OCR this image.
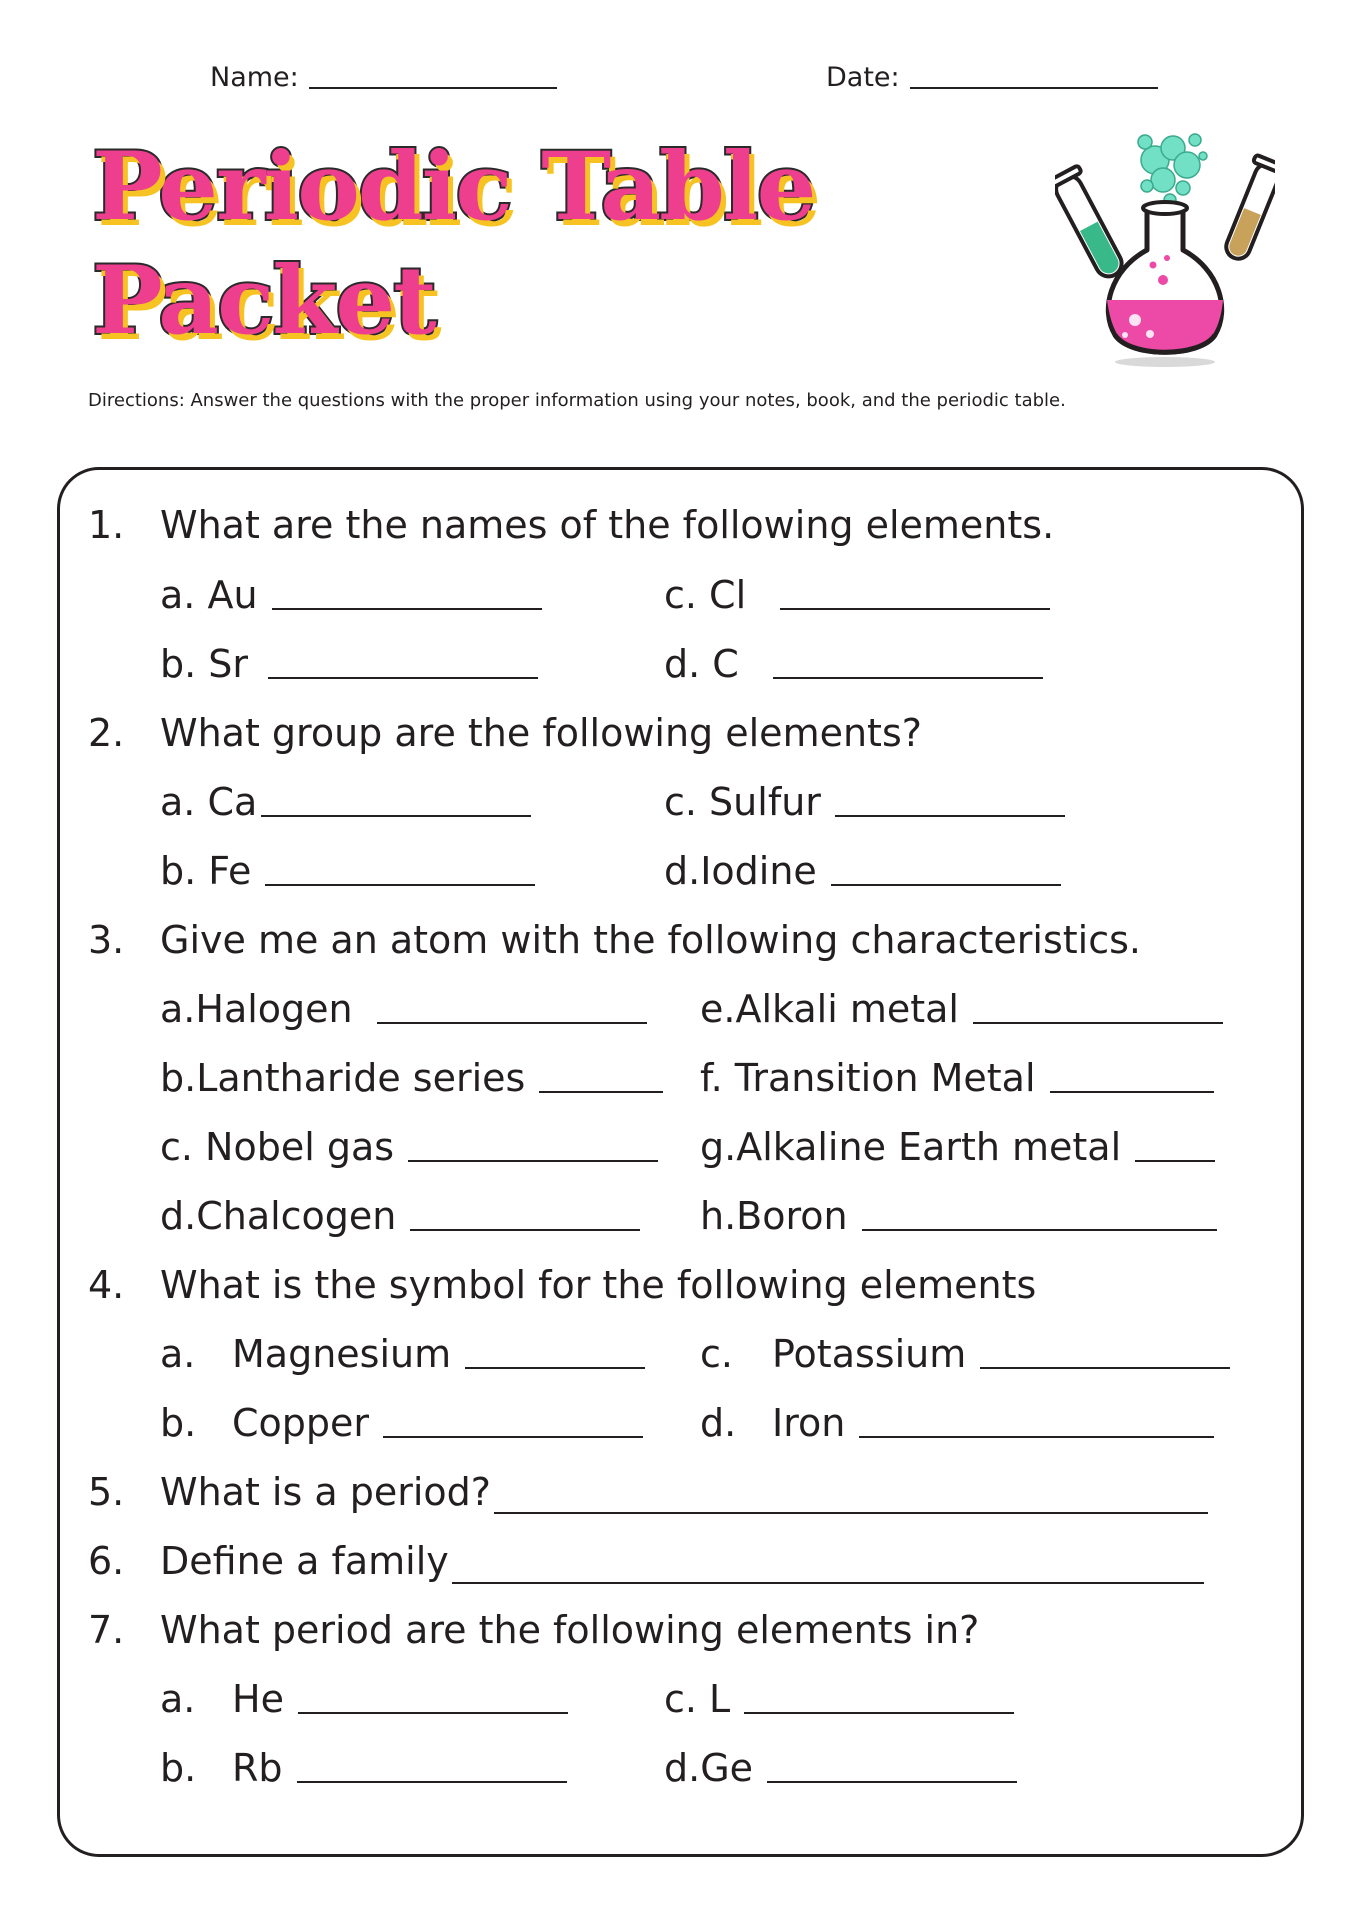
Name:	Date:
Periodic Table
Packet
Directions: Answer the questions with the proper information using your notes, book, and the periodic table.
1. What are the names of the following elements.
a. Au	c. Cl
b. Sr	d. C
2. What group are the following elements?
a. Ca	c. Sulfur
b. Fe	d.Iodine
3. Give me an atom with the following characteristics.
a.Halogen	e.Alkali metal
b.Lantharide series	f. Transition Metal
c. Nobel gas	g.Alkaline Earth metal
d.Chalcogen	h.Boron
4. What is the symbol for the following elements
a. Magnesium	c. Potassium
b. Copper	d. Iron
5. What is a period?
6. Define a family
7. What period are the following elements in?
a. He	c. L
b. Rb	d.Ge
